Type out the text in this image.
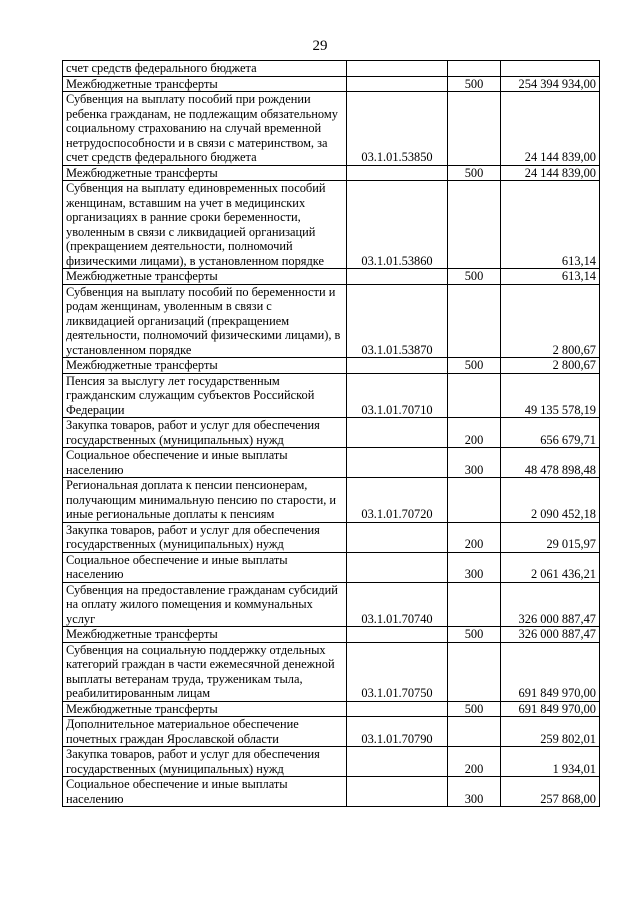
29
счет средств федерального бюджета			
Межбюджетные трансферты		500	254 394 934,00
Субвенция на выплату пособий при рождении ребенка гражданам, не подлежащим обязательному социальному страхованию на случай временной нетрудоспособности и в связи с материнством, за счет средств федерального бюджета	03.1.01.53850		24 144 839,00
Межбюджетные трансферты		500	24 144 839,00
Субвенция на выплату единовременных пособий женщинам, вставшим на учет в медицинских организациях в ранние сроки беременности, уволенным в связи с ликвидацией организаций (прекращением деятельности, полномочий физическими лицами), в установленном порядке	03.1.01.53860		613,14
Межбюджетные трансферты		500	613,14
Субвенция на выплату пособий по беременности и родам женщинам, уволенным в связи с ликвидацией организаций (прекращением деятельности, полномочий физическими лицами), в установленном порядке	03.1.01.53870		2 800,67
Межбюджетные трансферты		500	2 800,67
Пенсия за выслугу лет государственным гражданским служащим субъектов Российской Федерации	03.1.01.70710		49 135 578,19
Закупка товаров, работ и услуг для обеспечения государственных (муниципальных) нужд		200	656 679,71
Социальное обеспечение и иные выплаты населению		300	48 478 898,48
Региональная доплата к пенсии пенсионерам, получающим минимальную пенсию по старости, и иные региональные доплаты к пенсиям	03.1.01.70720		2 090 452,18
Закупка товаров, работ и услуг для обеспечения государственных (муниципальных) нужд		200	29 015,97
Социальное обеспечение и иные выплаты населению		300	2 061 436,21
Субвенция на предоставление гражданам субсидий на оплату жилого помещения и коммунальных услуг	03.1.01.70740		326 000 887,47
Межбюджетные трансферты		500	326 000 887,47
Субвенция на социальную поддержку отдельных категорий граждан в части ежемесячной денежной выплаты ветеранам труда, труженикам тыла, реабилитированным лицам	03.1.01.70750		691 849 970,00
Межбюджетные трансферты		500	691 849 970,00
Дополнительное материальное обеспечение почетных граждан Ярославской области	03.1.01.70790		259 802,01
Закупка товаров, работ и услуг для обеспечения государственных (муниципальных) нужд		200	1 934,01
Социальное обеспечение и иные выплаты населению		300	257 868,00
